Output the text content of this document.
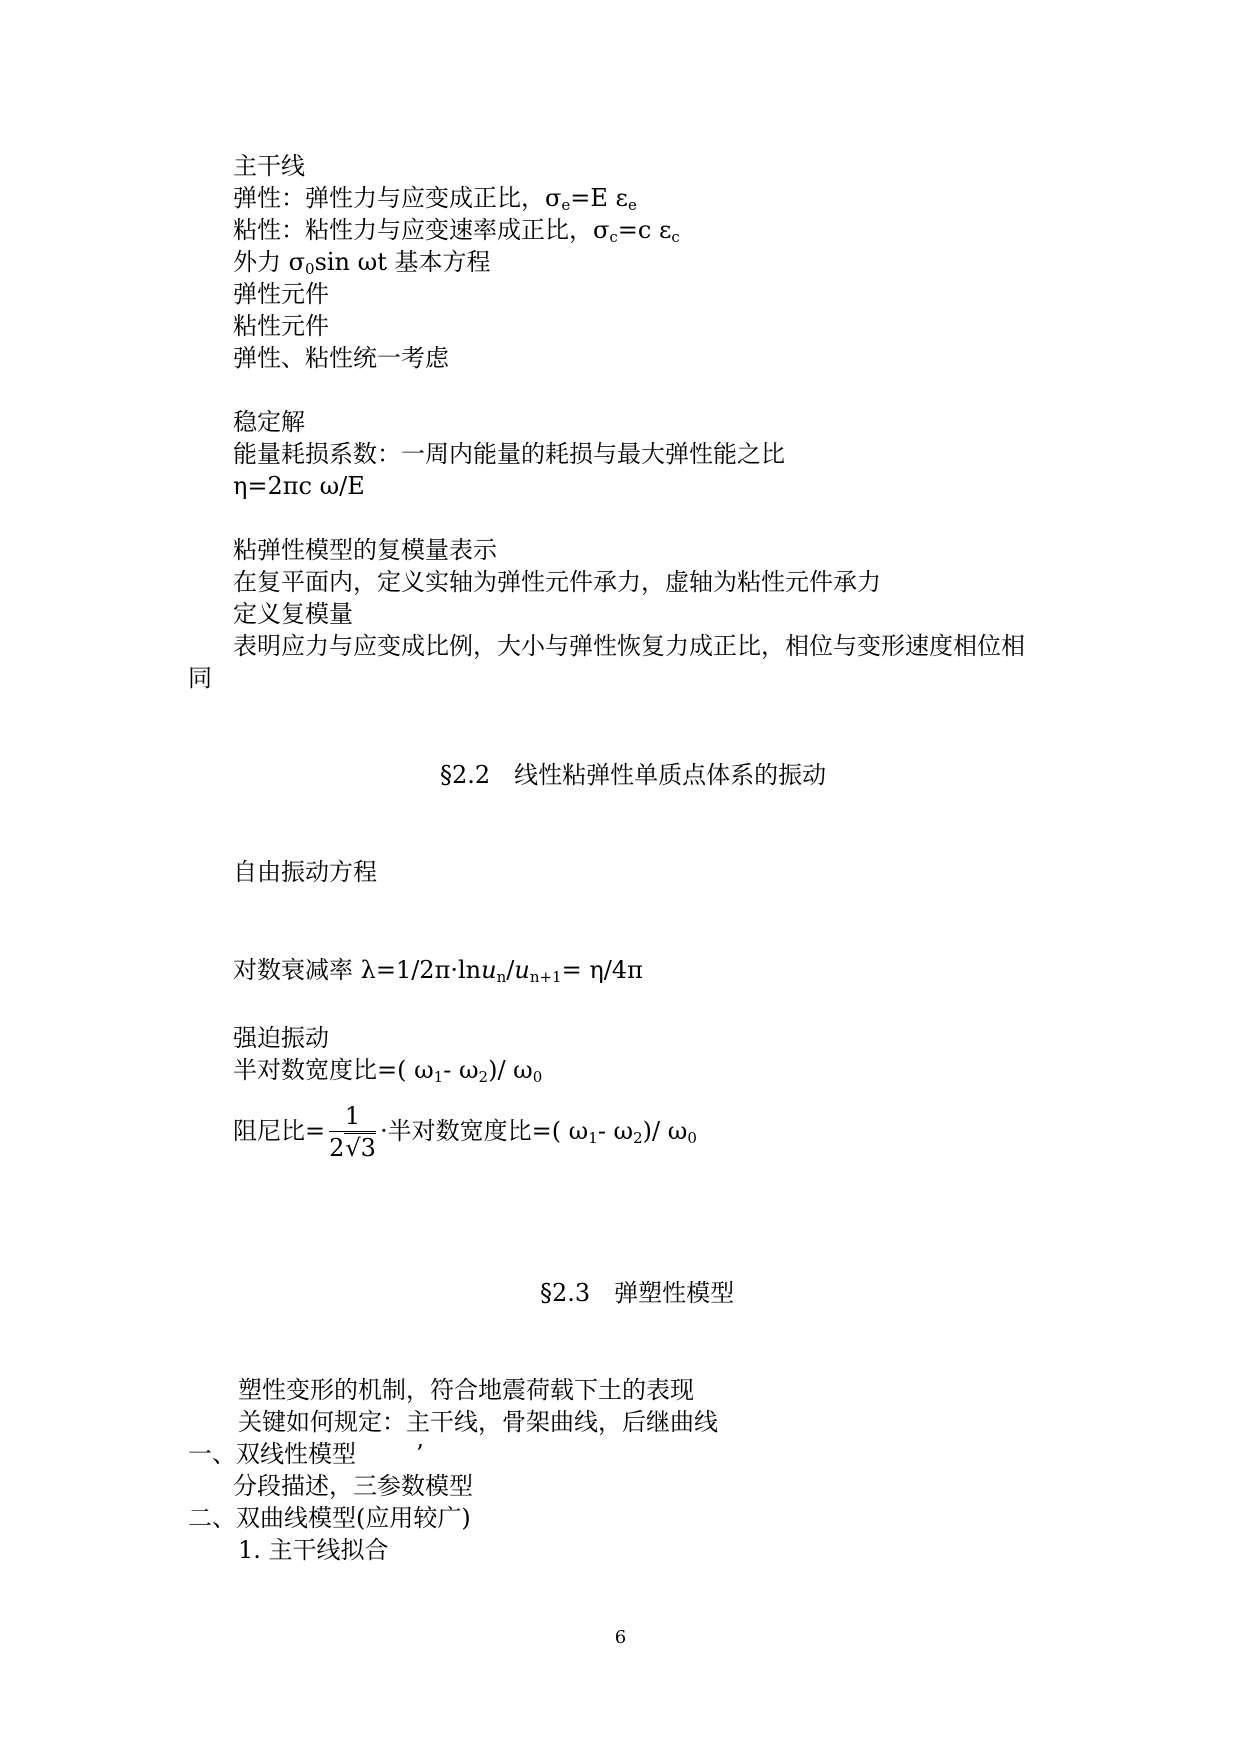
主干线
弹性：弹性力与应变成正比，$\sigma_e=E$ $\varepsilon_e$
粘性：粘性力与应变速率成正比，$\sigma_c=c$ $\varepsilon_c$
外力 $\sigma_0\sin$ ωt 基本方程
弹性元件
粘性元件
弹性、粘性统一考虑
稳定解
能量耗损系数：一周内能量的耗损与最大弹性能之比
η=2πc ω/E
粘弹性模型的复模量表示
在复平面内，定义实轴为弹性元件承力，虚轴为粘性元件承力
定义复模量
表明应力与应变成比例，大小与弹性恢复力成正比，相位与变形速度相位相
同
§2.2　线性粘弹性单质点体系的振动
自由振动方程
对数衰减率 $\lambda=1/2\pi\cdot\ln u_n/u_{n+1}= \eta/4\pi$
强迫振动
半对数宽度比=( $\omega_1-$ $\omega_2)/$ $\omega_0$
阻尼比= $\frac{1}{2√3}$ ·半对数宽度比=( $\omega_1-$ $\omega_2)/$ $\omega_0$
§2.3　弹塑性模型
塑性变形的机制，符合地震荷载下土的表现
关键如何规定：主干线，骨架曲线，后继曲线
一、双线性模型	’
分段描述，三参数模型
二、双曲线模型(应用较广)
1. 主干线拟合
6
